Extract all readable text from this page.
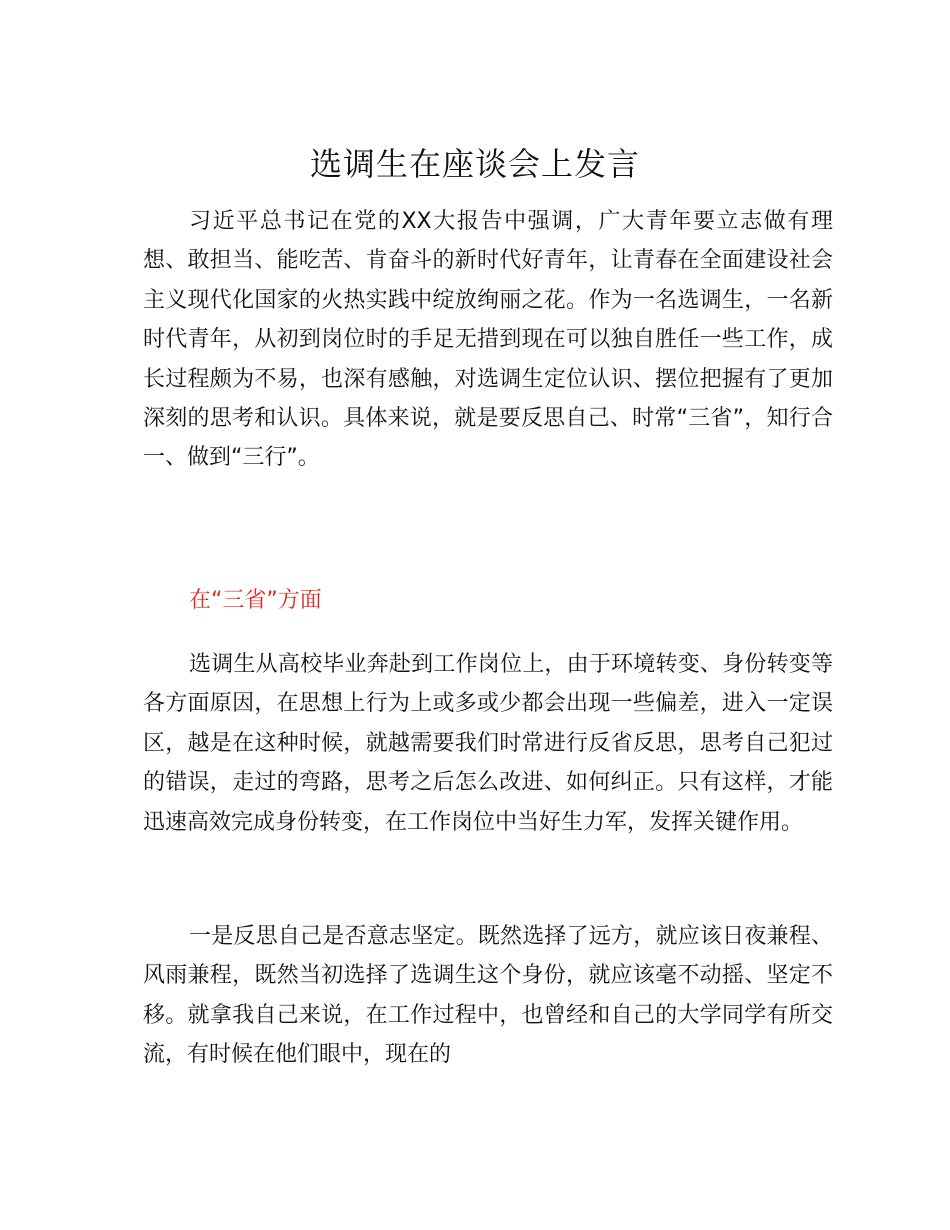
选调生在座谈会上发言

习近平总书记在党的XX大报告中强调，广大青年要立志做有理想、敢担当、能吃苦、肯奋斗的新时代好青年，让青春在全面建设社会主义现代化国家的火热实践中绽放绚丽之花。作为一名选调生，一名新时代青年，从初到岗位时的手足无措到现在可以独自胜任一些工作，成长过程颇为不易，也深有感触，对选调生定位认识、摆位把握有了更加深刻的思考和认识。具体来说，就是要反思自己、时常“三省”，知行合一、做到“三行”。

在“三省”方面

选调生从高校毕业奔赴到工作岗位上，由于环境转变、身份转变等各方面原因，在思想上行为上或多或少都会出现一些偏差，进入一定误区，越是在这种时候，就越需要我们时常进行反省反思，思考自己犯过的错误，走过的弯路，思考之后怎么改进、如何纠正。只有这样，才能迅速高效完成身份转变，在工作岗位中当好生力军，发挥关键作用。

一是反思自己是否意志坚定。既然选择了远方，就应该日夜兼程、风雨兼程，既然当初选择了选调生这个身份，就应该毫不动摇、坚定不移。就拿我自己来说，在工作过程中，也曾经和自己的大学同学有所交流，有时候在他们眼中，现在的
